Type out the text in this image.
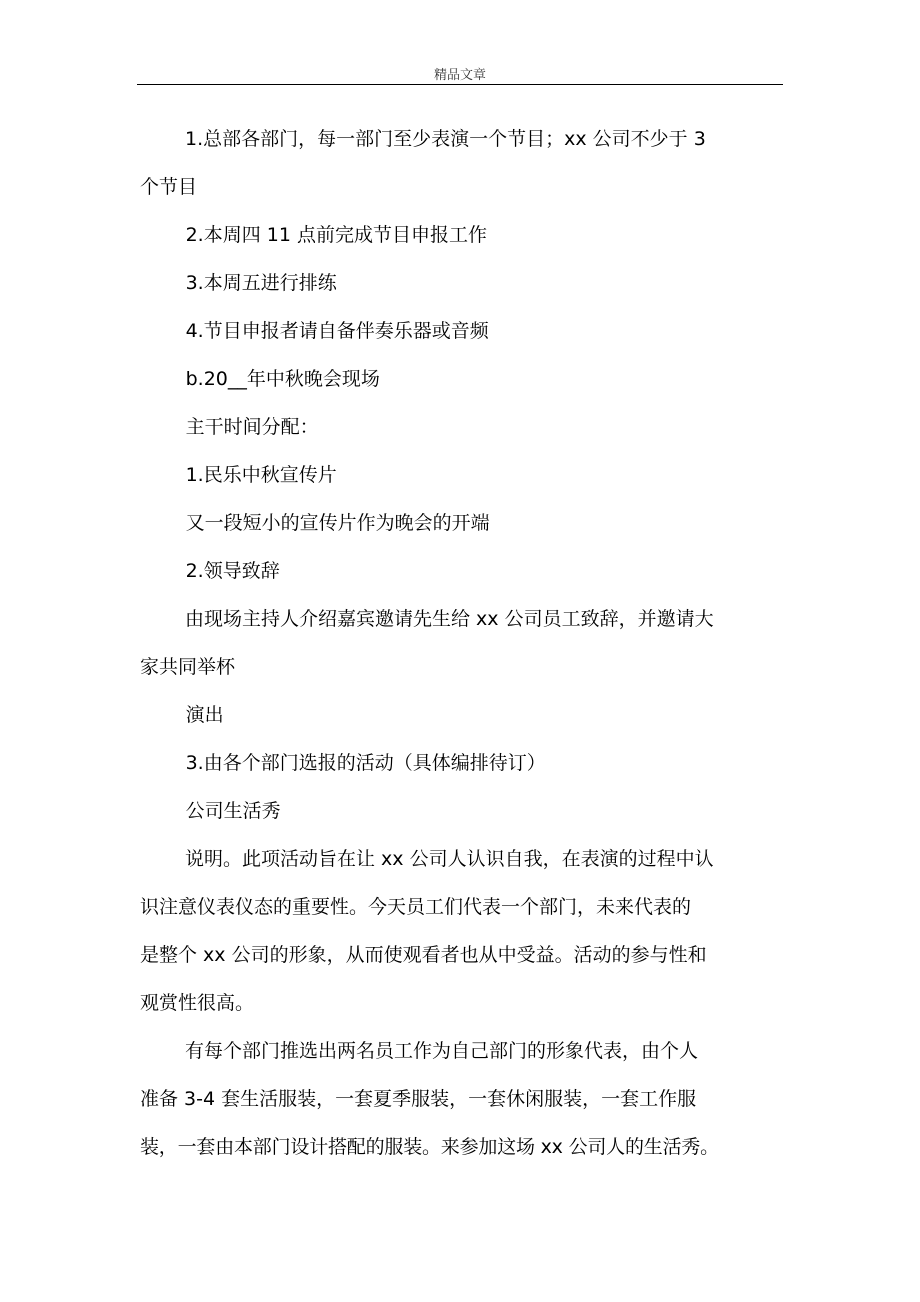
精品文章

1.总部各部门，每一部门至少表演一个节目；xx 公司不少于 3
个节目

2.本周四 11 点前完成节目申报工作

3.本周五进行排练

4.节目申报者请自备伴奏乐器或音频

b.20__年中秋晚会现场

主干时间分配：

1.民乐中秋宣传片

又一段短小的宣传片作为晚会的开端

2.领导致辞

由现场主持人介绍嘉宾邀请先生给 xx 公司员工致辞，并邀请大
家共同举杯

演出

3.由各个部门选报的活动（具体编排待订）

公司生活秀

说明。此项活动旨在让 xx 公司人认识自我，在表演的过程中认
识注意仪表仪态的重要性。今天员工们代表一个部门，未来代表的
是整个 xx 公司的形象，从而使观看者也从中受益。活动的参与性和
观赏性很高。

有每个部门推选出两名员工作为自己部门的形象代表，由个人
准备 3-4 套生活服装，一套夏季服装，一套休闲服装，一套工作服
装，一套由本部门设计搭配的服装。来参加这场 xx 公司人的生活秀。
